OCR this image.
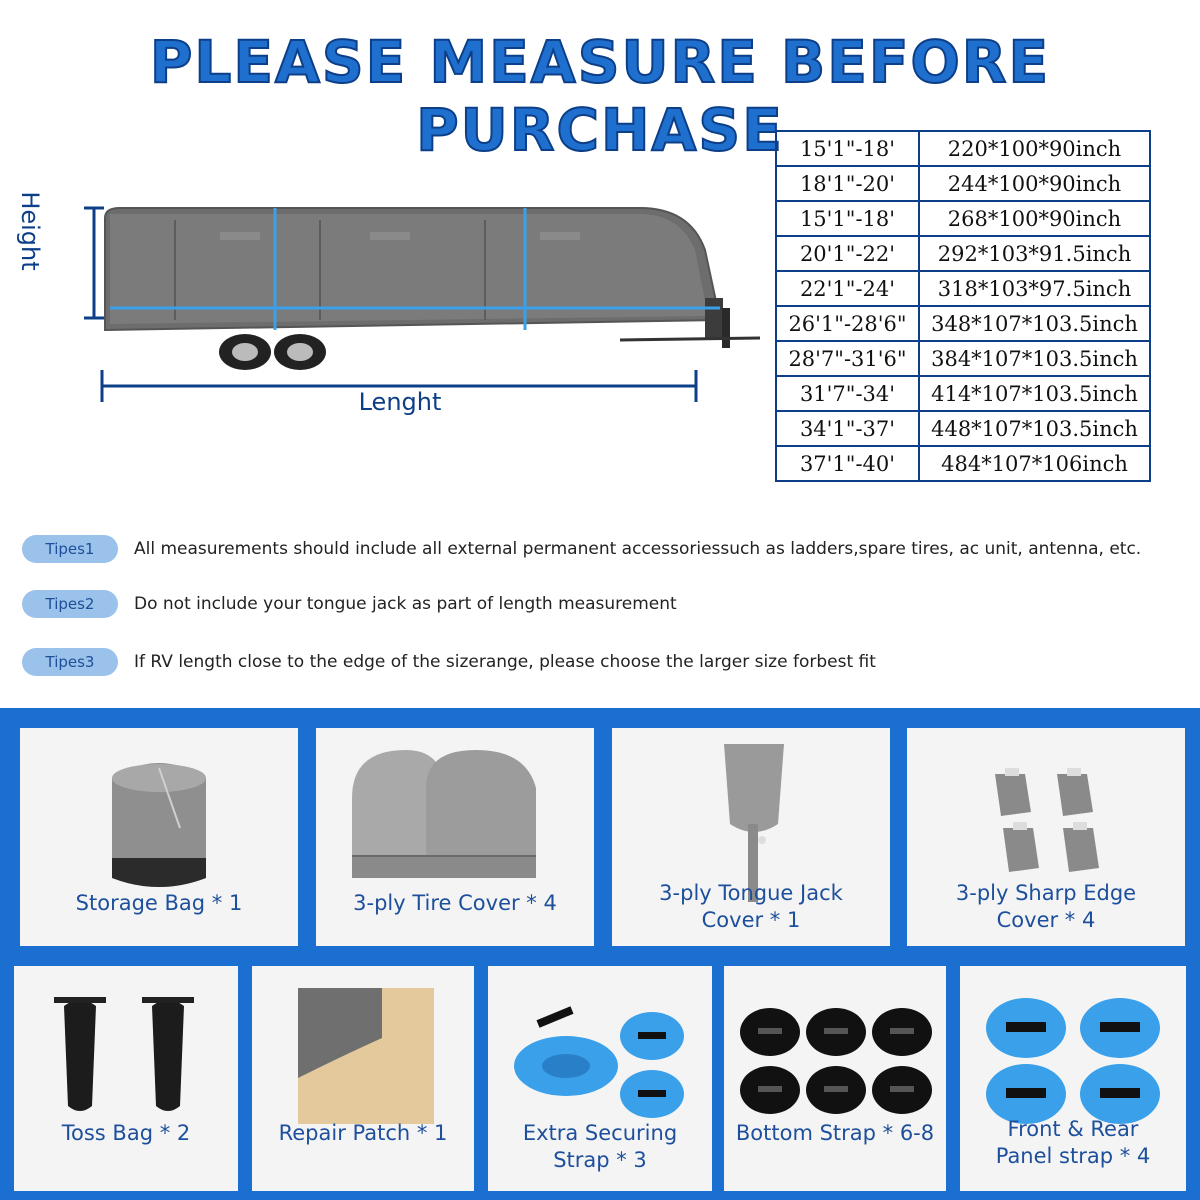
PLEASE MEASURE BEFORE PURCHASE
Height
Lenght
15'1"-18'	220*100*90inch
18'1"-20'	244*100*90inch
15'1"-18'	268*100*90inch
20'1"-22'	292*103*91.5inch
22'1"-24'	318*103*97.5inch
26'1"-28'6"	348*107*103.5inch
28'7"-31'6"	384*107*103.5inch
31'7"-34'	414*107*103.5inch
34'1"-37'	448*107*103.5inch
37'1"-40'	484*107*106inch
Tipes1	All measurements should include all external permanent accessoriessuch as ladders,spare tires, ac unit, antenna, etc.
Tipes2	Do not include your tongue jack as part of length measurement
Tipes3	If RV length close to the edge of the sizerange, please choose the larger size forbest fit
Storage Bag * 1	3-ply Tire Cover * 4	3-ply Tongue Jack
Cover * 1
3-ply Sharp Edge
Cover * 4
Toss Bag * 2	Repair Patch * 1	Extra Securing
Strap * 3
Bottom Strap * 6-8	Front & Rear
Panel strap * 4
